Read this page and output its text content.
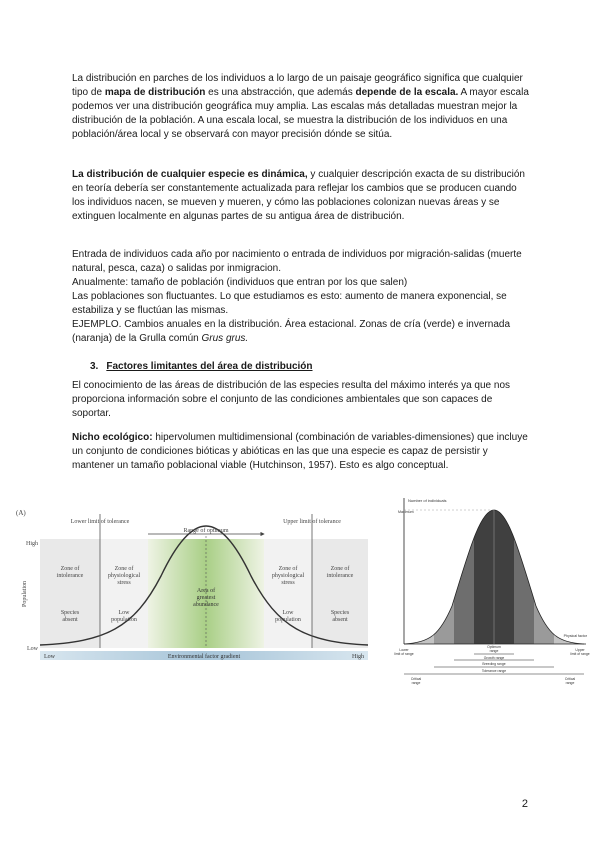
La distribución en parches de los individuos a lo largo de un paisaje geográfico significa que cualquier tipo de mapa de distribución es una abstracción, que además depende de la escala. A mayor escala podemos ver una distribución geográfica muy amplia. Las escalas más detalladas muestran mejor la distribución de la población. A una escala local, se muestra la distribución de los individuos en una población/área local y se observará con mayor precisión dónde se sitúa.

La distribución de cualquier especie es dinámica, y cualquier descripción exacta de su distribución en teoría debería ser constantemente actualizada para reflejar los cambios que se producen cuando los individuos nacen, se mueven y mueren, y cómo las poblaciones colonizan nuevas áreas y se extinguen localmente en algunas partes de su antigua área de distribución.

Entrada de individuos cada año por nacimiento o entrada de individuos por migración-salidas (muerte natural, pesca, caza) o salidas por inmigracion.

Anualmente: tamaño de población (individuos que entran por los que salen)

Las poblaciones son fluctuantes. Lo que estudiamos es esto: aumento de manera exponencial, se estabiliza y se fluctúan las mismas.

EJEMPLO. Cambios anuales en la distribución. Área estacional. Zonas de cría (verde) e invernada (naranja) de la Grulla común Grus grus.

3. Factores limitantes del área de distribución

El conocimiento de las áreas de distribución de las especies resulta del máximo interés ya que nos proporciona información sobre el conjunto de las condiciones ambientales que son capaces de soportar.

Nicho ecológico: hipervolumen multidimensional (combinación de variables-dimensiones) que incluye un conjunto de condiciones bióticas y abióticas en las que una especie es capaz de persistir y mantener un tamaño poblacional viable (Hutchinson, 1957). Esto es algo conceptual.

(A)
Lower limit of tolerance	Upper limit of tolerance
Range of optimum
Population
High
Low
Zone of intolerance
Zone of physiological stress
Zone of physiological stress
Zone of intolerance
Area of greatest abundance
Species absent
Low population
Low population
Species absent
Low	Environmental factor gradient	High
Number of individuals
Maximum
Physical factor
Lower limit of range
Upper limit of range
Optimum range
Growth range
Breeding range
Tolerance range
Critical range
Critical range
2
